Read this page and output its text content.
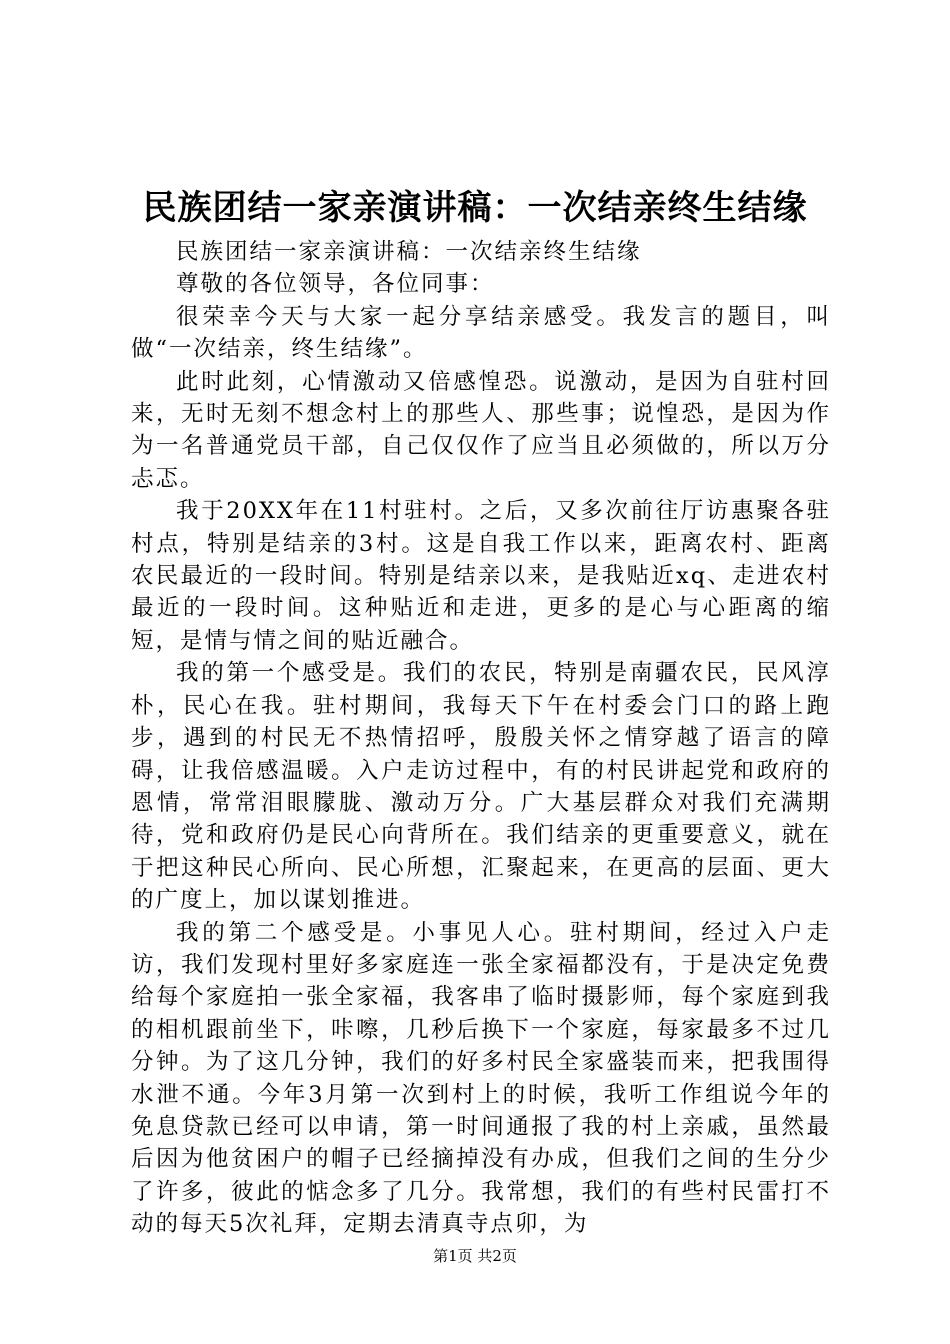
民族团结一家亲演讲稿：一次结亲终生结缘

民族团结一家亲演讲稿：一次结亲终生结缘

尊敬的各位领导，各位同事：

很荣幸今天与大家一起分享结亲感受。我发言的题目，叫做“一次结亲，终生结缘”。

此时此刻，心情激动又倍感惶恐。说激动，是因为自驻村回来，无时无刻不想念村上的那些人、那些事；说惶恐，是因为作为一名普通党员干部，自己仅仅作了应当且必须做的，所以万分忐忑。

我于20XX年在11村驻村。之后，又多次前往厅访惠聚各驻村点，特别是结亲的3村。这是自我工作以来，距离农村、距离农民最近的一段时间。特别是结亲以来，是我贴近xq、走进农村最近的一段时间。这种贴近和走进，更多的是心与心距离的缩短，是情与情之间的贴近融合。

我的第一个感受是。我们的农民，特别是南疆农民，民风淳朴，民心在我。驻村期间，我每天下午在村委会门口的路上跑步，遇到的村民无不热情招呼，殷殷关怀之情穿越了语言的障碍，让我倍感温暖。入户走访过程中，有的村民讲起党和政府的恩情，常常泪眼朦胧、激动万分。广大基层群众对我们充满期待，党和政府仍是民心向背所在。我们结亲的更重要意义，就在于把这种民心所向、民心所想，汇聚起来，在更高的层面、更大的广度上，加以谋划推进。

我的第二个感受是。小事见人心。驻村期间，经过入户走访，我们发现村里好多家庭连一张全家福都没有，于是决定免费给每个家庭拍一张全家福，我客串了临时摄影师，每个家庭到我的相机跟前坐下，咔嚓，几秒后换下一个家庭，每家最多不过几分钟。为了这几分钟，我们的好多村民全家盛装而来，把我围得水泄不通。今年3月第一次到村上的时候，我听工作组说今年的免息贷款已经可以申请，第一时间通报了我的村上亲戚，虽然最后因为他贫困户的帽子已经摘掉没有办成，但我们之间的生分少了许多，彼此的惦念多了几分。我常想，我们的有些村民雷打不动的每天5次礼拜，定期去清真寺点卯，为

第1页 共2页
